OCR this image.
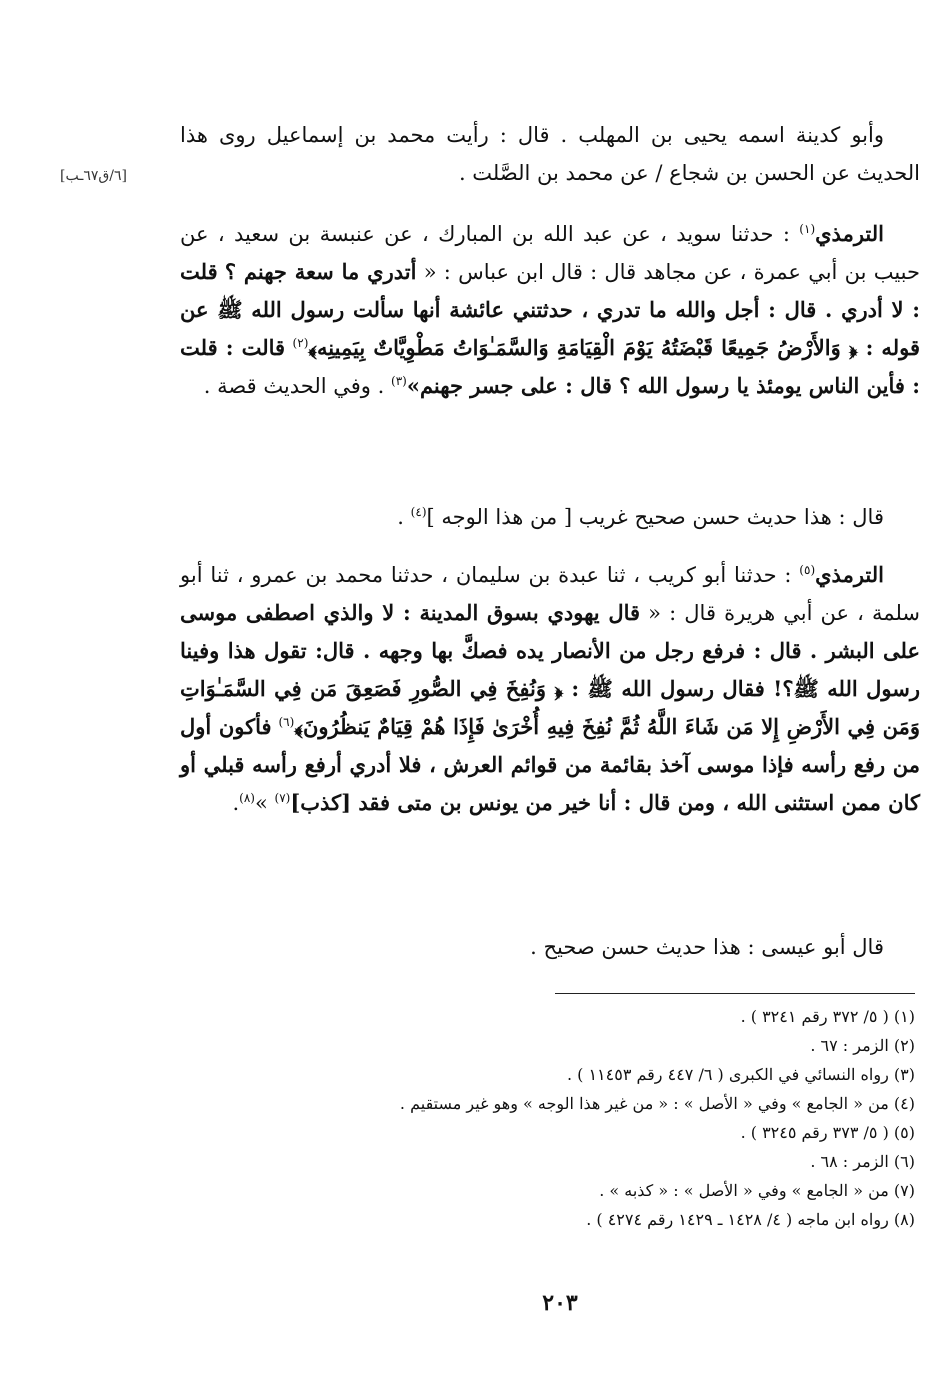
[٦/ق٦٧ـب]

وأبو كدينة اسمه يحيى بن المهلب . قال : رأيت محمد بن إسماعيل روى هذا الحديث عن الحسن بن شجاع / عن محمد بن الصَّلت .

الترمذي$^{(١)}$ : حدثنا سويد ، عن عبد الله بن المبارك ، عن عنبسة بن سعيد ، عن حبيب بن أبي عمرة ، عن مجاهد قال : قال ابن عباس : « أتدري ما سعة جهنم ؟ قلت : لا أدري . قال : أجل والله ما تدري ، حدثتني عائشة أنها سألت رسول الله ﷺ عن قوله : ﴿ وَالأَرْضُ جَمِيعًا قَبْضَتُهُ يَوْمَ الْقِيَامَةِ وَالسَّمَـٰوَاتُ مَطْوِيَّاتٌ بِيَمِينِه﴾$^{(٢)}$ قالت : قلت : فأين الناس يومئذ يا رسول الله ؟ قال : على جسر جهنم»$^{(٣)}$ . وفي الحديث قصة .

قال : هذا حديث حسن صحيح غريب [ من هذا الوجه ]$^{(٤)}$ .

الترمذي$^{(٥)}$ : حدثنا أبو كريب ، ثنا عبدة بن سليمان ، حدثنا محمد بن عمرو ، ثنا أبو سلمة ، عن أبي هريرة قال : « قال يهودي بسوق المدينة : لا والذي اصطفى موسى على البشر . قال : فرفع رجل من الأنصار يده فصكَّ بها وجهه . قال: تقول هذا وفينا رسول الله ﷺ؟! فقال رسول الله ﷺ : ﴿ وَنُفِخَ فِي الصُّورِ فَصَعِقَ مَن فِي السَّمَـٰوَاتِ وَمَن فِي الأَرْضِ إِلا مَن شَاءَ اللَّهُ ثُمَّ نُفِخَ فِيهِ أُخْرَىٰ فَإِذَا هُمْ قِيَامٌ يَنظُرُونَ﴾$^{(٦)}$ فأكون أول من رفع رأسه فإذا موسى آخذ بقائمة من قوائم العرش ، فلا أدري أرفع رأسه قبلي أو كان ممن استثنى الله ، ومن قال : أنا خير من يونس بن متى فقد [كذب]$^{(٧)}$ »$^{(٨)}$.

قال أبو عيسى : هذا حديث حسن صحيح .

(١) ( ٥/ ٣٧٢ رقم ٣٢٤١ ) .
(٢) الزمر : ٦٧ .
(٣) رواه النسائي في الكبرى ( ٦/ ٤٤٧ رقم ١١٤٥٣ ) .
(٤) من « الجامع » وفي « الأصل » : « من غير هذا الوجه » وهو غير مستقيم .
(٥) ( ٥/ ٣٧٣ رقم ٣٢٤٥ ) .
(٦) الزمر : ٦٨ .
(٧) من « الجامع » وفي « الأصل » : « كذبه » .
(٨) رواه ابن ماجه ( ٤/ ١٤٢٨ ـ ١٤٢٩ رقم ٤٢٧٤ ) .
٢٠٣
